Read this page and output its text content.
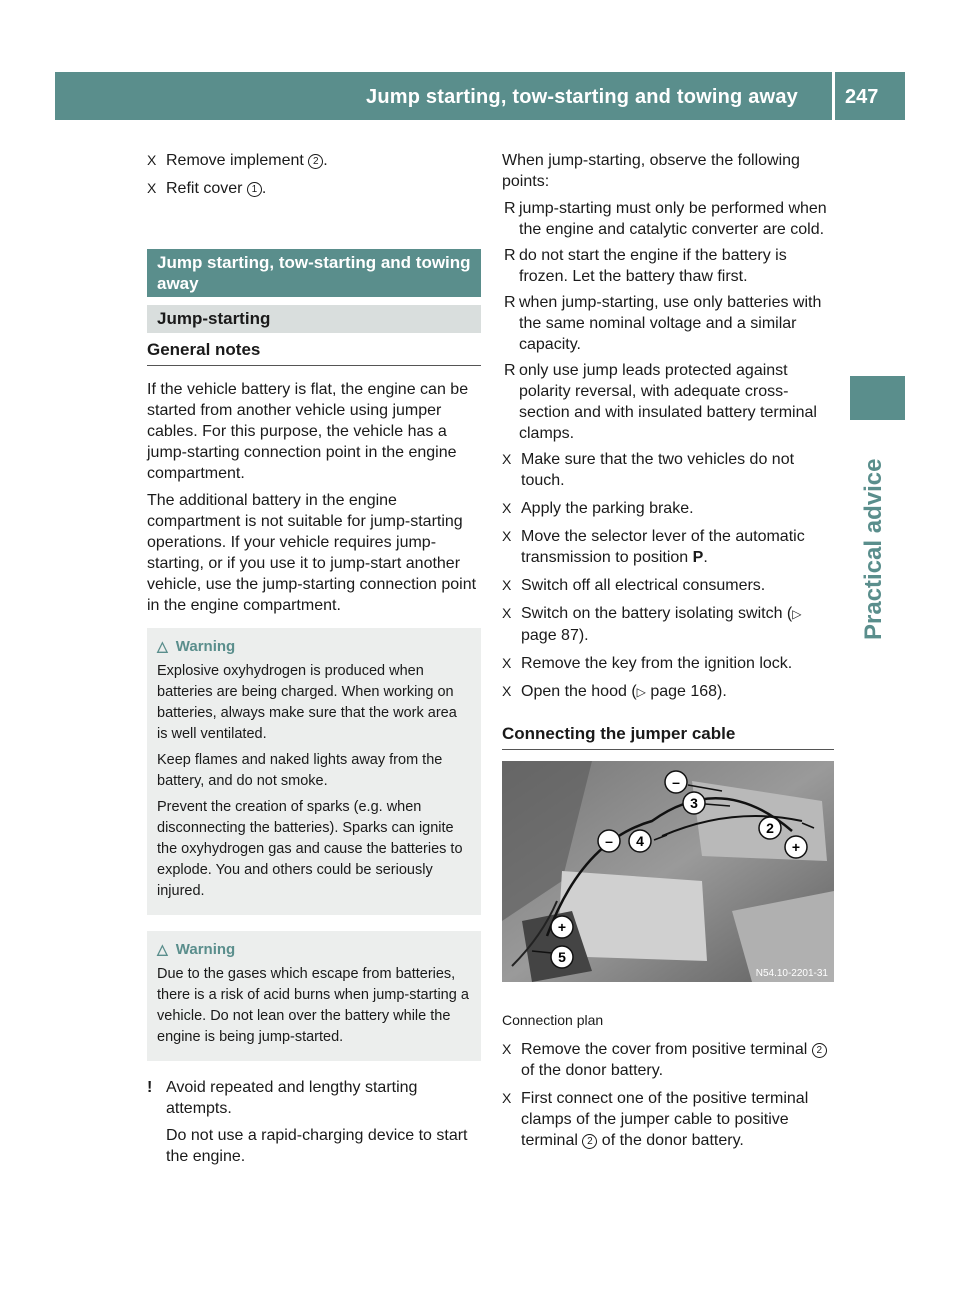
Jump starting, tow-starting and towing away 247
Practical advice
X Remove implement 2 .
X Refit cover 1 .
Jump starting, tow-starting and towing away
Jump-starting
General notes

If the vehicle battery is flat, the engine can be started from another vehicle using jumper cables. For this purpose, the vehicle has a jump-starting connection point in the engine compartment.

The additional battery in the engine compartment is not suitable for jump-starting operations. If your vehicle requires jump-starting, or if you use it to jump-start another vehicle, use the jump-starting connection point in the engine compartment.

△ Warning

Explosive oxyhydrogen is produced when batteries are being charged. When working on batteries, always make sure that the work area is well ventilated.

Keep flames and naked lights away from the battery, and do not smoke.

Prevent the creation of sparks (e.g. when disconnecting the batteries). Sparks can ignite the oxyhydrogen gas and cause the batteries to explode. You and others could be seriously injured.

△ Warning

Due to the gases which escape from batteries, there is a risk of acid burns when jump-starting a vehicle. Do not lean over the battery while the engine is being jump-started.

! Avoid repeated and lengthy starting attempts.

Do not use a rapid-charging device to start the engine.

When jump-starting, observe the following points:

R jump-starting must only be performed when the engine and catalytic converter are cold.
R do not start the engine if the battery is frozen. Let the battery thaw first.
R when jump-starting, use only batteries with the same nominal voltage and a similar capacity.
R only use jump leads protected against polarity reversal, with adequate cross-section and with insulated battery terminal clamps.
X Make sure that the two vehicles do not touch.
X Apply the parking brake.
X Move the selector lever of the automatic transmission to position P.
X Switch off all electrical consumers.
X Switch on the battery isolating switch (▷ page 87).
X Remove the key from the ignition lock.
X Open the hood (▷ page 168).
Connecting the jumper cable
–
3
2
+
– 4
+
5
N54.10-2201-31
Connection plan
X Remove the cover from positive terminal 2 of the donor battery.
X First connect one of the positive terminal clamps of the jumper cable to positive terminal 2 of the donor battery.
